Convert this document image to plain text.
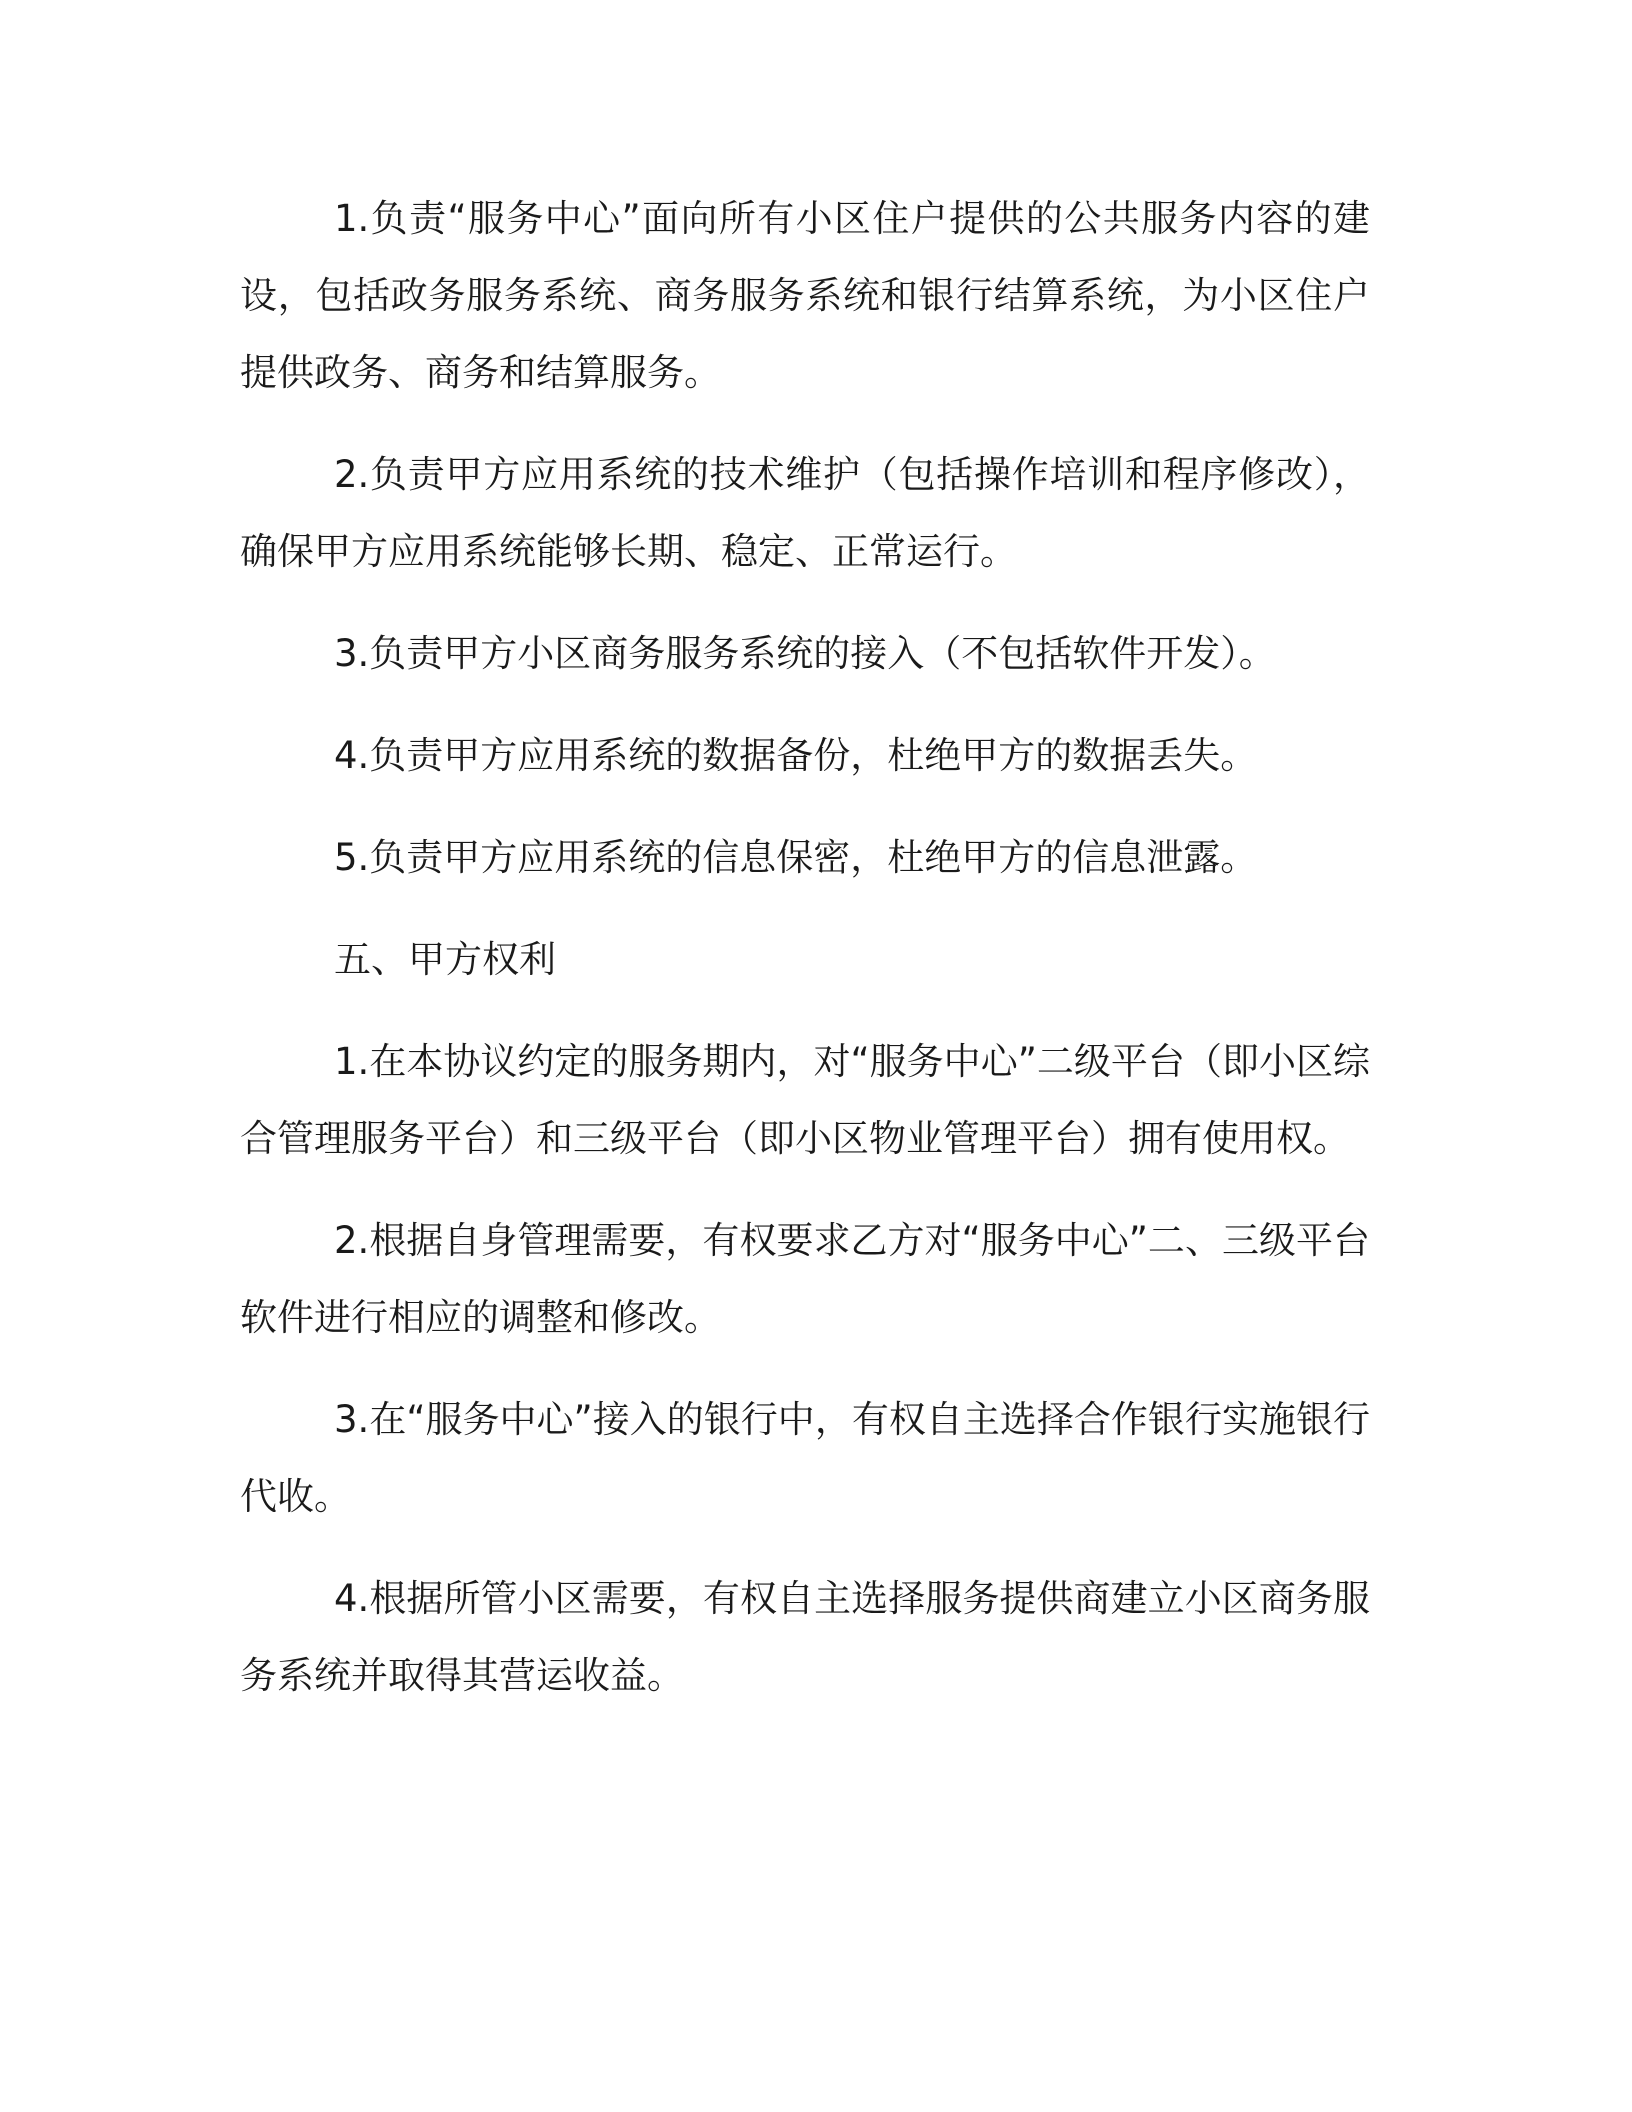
1.负责“服务中心”面向所有小区住户提供的公共服务内容的建设，包括政务服务系统、商务服务系统和银行结算系统，为小区住户提供政务、商务和结算服务。

2.负责甲方应用系统的技术维护（包括操作培训和程序修改），确保甲方应用系统能够长期、稳定、正常运行。

3.负责甲方小区商务服务系统的接入（不包括软件开发）。

4.负责甲方应用系统的数据备份，杜绝甲方的数据丢失。

5.负责甲方应用系统的信息保密，杜绝甲方的信息泄露。

五、甲方权利

1.在本协议约定的服务期内，对“服务中心”二级平台（即小区综合管理服务平台）和三级平台（即小区物业管理平台）拥有使用权。

2.根据自身管理需要，有权要求乙方对“服务中心”二、三级平台软件进行相应的调整和修改。

3.在“服务中心”接入的银行中，有权自主选择合作银行实施银行代收。

4.根据所管小区需要，有权自主选择服务提供商建立小区商务服务系统并取得其营运收益。
